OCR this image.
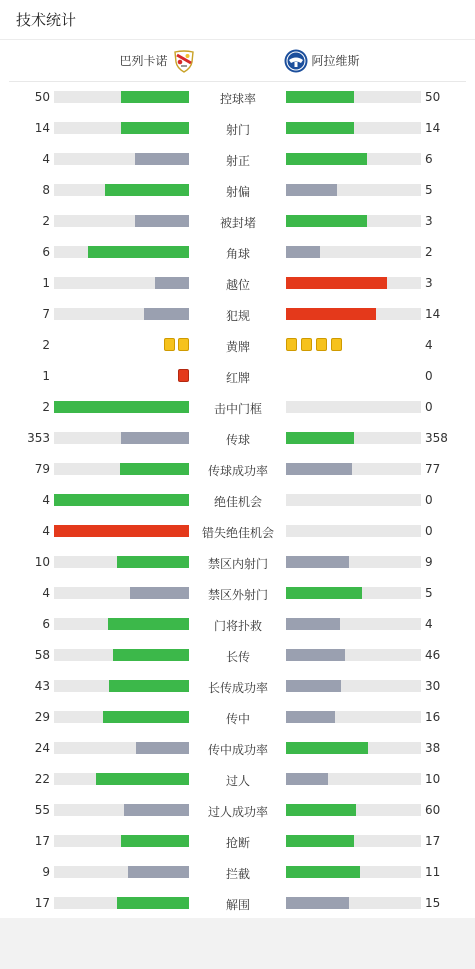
技术统计
巴列卡诺	阿拉维斯
50	控球率	50
14	射门	14
4	射正	6
8	射偏	5
2	被封堵	3
6	角球	2
1	越位	3
7	犯规	14
2	黄牌	4
1	红牌	0
2	击中门框	0
353	传球	358
79	传球成功率	77
4	绝佳机会	0
4	错失绝佳机会	0
10	禁区内射门	9
4	禁区外射门	5
6	门将扑救	4
58	长传	46
43	长传成功率	30
29	传中	16
24	传中成功率	38
22	过人	10
55	过人成功率	60
17	抢断	17
9	拦截	11
17	解围	15
